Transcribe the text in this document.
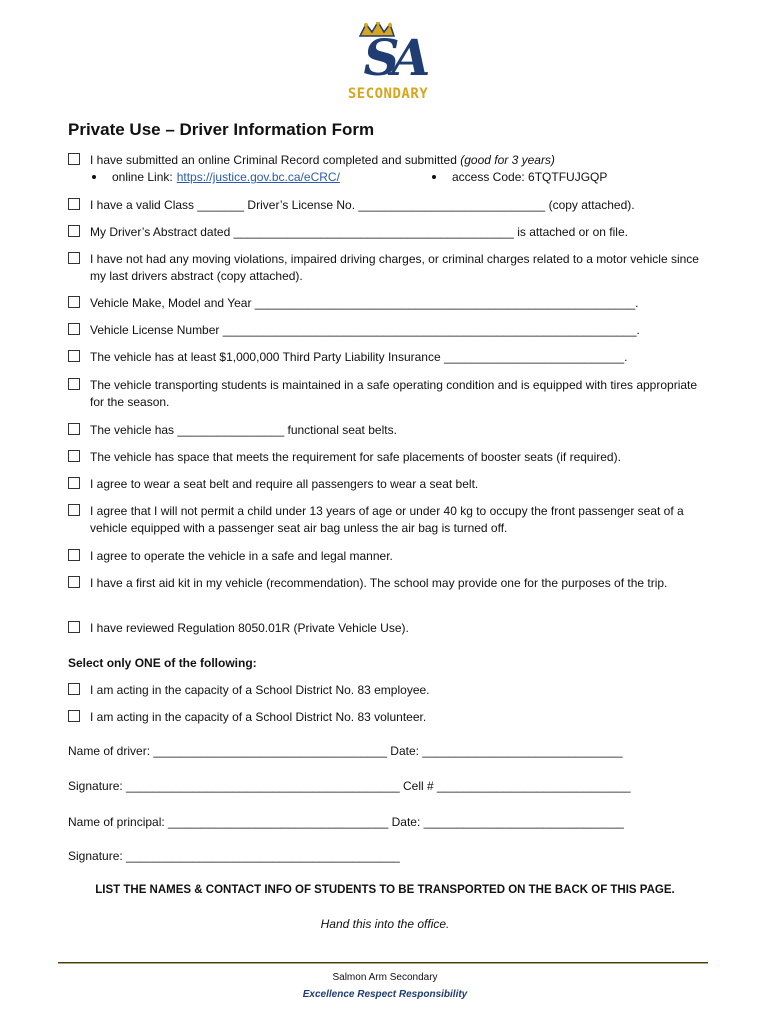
SA
SECONDARY
Private Use – Driver Information Form
I have submitted an online Criminal Record completed and submitted (good for 3 years)
online Link: https://justice.gov.bc.ca/eCRC/	access Code: 6TQTFUJGQP
I have a valid Class _______ Driver’s License No. ____________________________ (copy attached).
My Driver’s Abstract dated __________________________________________ is attached or on file.
I have not had any moving violations, impaired driving charges, or criminal charges related to a motor vehicle since my last drivers abstract (copy attached).
Vehicle Make, Model and Year _________________________________________________________.
Vehicle License Number ______________________________________________________________.
The vehicle has at least $1,000,000 Third Party Liability Insurance ___________________________.
The vehicle transporting students is maintained in a safe operating condition and is equipped with tires appropriate for the season.
The vehicle has ________________ functional seat belts.
The vehicle has space that meets the requirement for safe placements of booster seats (if required).
I agree to wear a seat belt and require all passengers to wear a seat belt.
I agree that I will not permit a child under 13 years of age or under 40 kg to occupy the front passenger seat of a vehicle equipped with a passenger seat air bag unless the air bag is turned off.
I agree to operate the vehicle in a safe and legal manner.
I have a first aid kit in my vehicle (recommendation). The school may provide one for the purposes of the trip.
I have reviewed Regulation 8050.01R (Private Vehicle Use).
Select only ONE of the following:
I am acting in the capacity of a School District No. 83 employee.
I am acting in the capacity of a School District No. 83 volunteer.
Name of driver: ___________________________________ Date: ______________________________
Signature: _________________________________________ Cell # _____________________________
Name of principal: _________________________________ Date: ______________________________
Signature: _________________________________________
LIST THE NAMES & CONTACT INFO OF STUDENTS TO BE TRANSPORTED ON THE BACK OF THIS PAGE.
Hand this into the office.
Salmon Arm Secondary
Excellence Respect Responsibility
